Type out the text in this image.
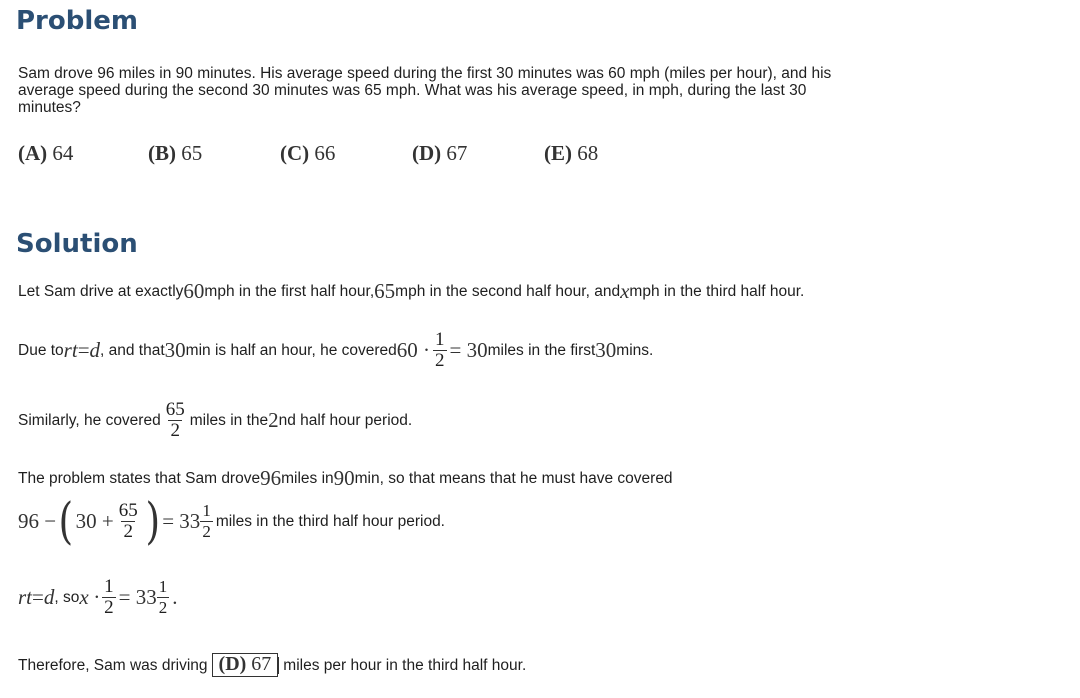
Problem
Sam drove 96 miles in 90 minutes. His average speed during the first 30 minutes was 60 mph (miles per hour), and his
average speed during the second 30 minutes was 65 mph. What was his average speed, in mph, during the last 30
minutes?
(A) 64	(B) 65	(C) 66	(D) 67	(E) 68
Solution
Let Sam drive at exactly 60 mph in the first half hour, 65 mph in the second half hour, and x mph in the third half hour.
Due to rt = d , and that 30 min is half an hour, he covered $60 \cdot \frac{1}{2} = 30$ miles in the first 30 mins.
Similarly, he covered $\frac{65}{2}$ miles in the 2 nd half hour period.
The problem states that Sam drove 96 miles in 90 min, so that means that he must have covered
96 − ( $30 + \frac{65}{2}$ ) = $33 \frac{1}{2}$ miles in the third half hour period.
rt = d , so $x \cdot \frac{1}{2} = 33 \frac{1}{2}$ .
Therefore, Sam was driving (D) 67 miles per hour in the third half hour.
